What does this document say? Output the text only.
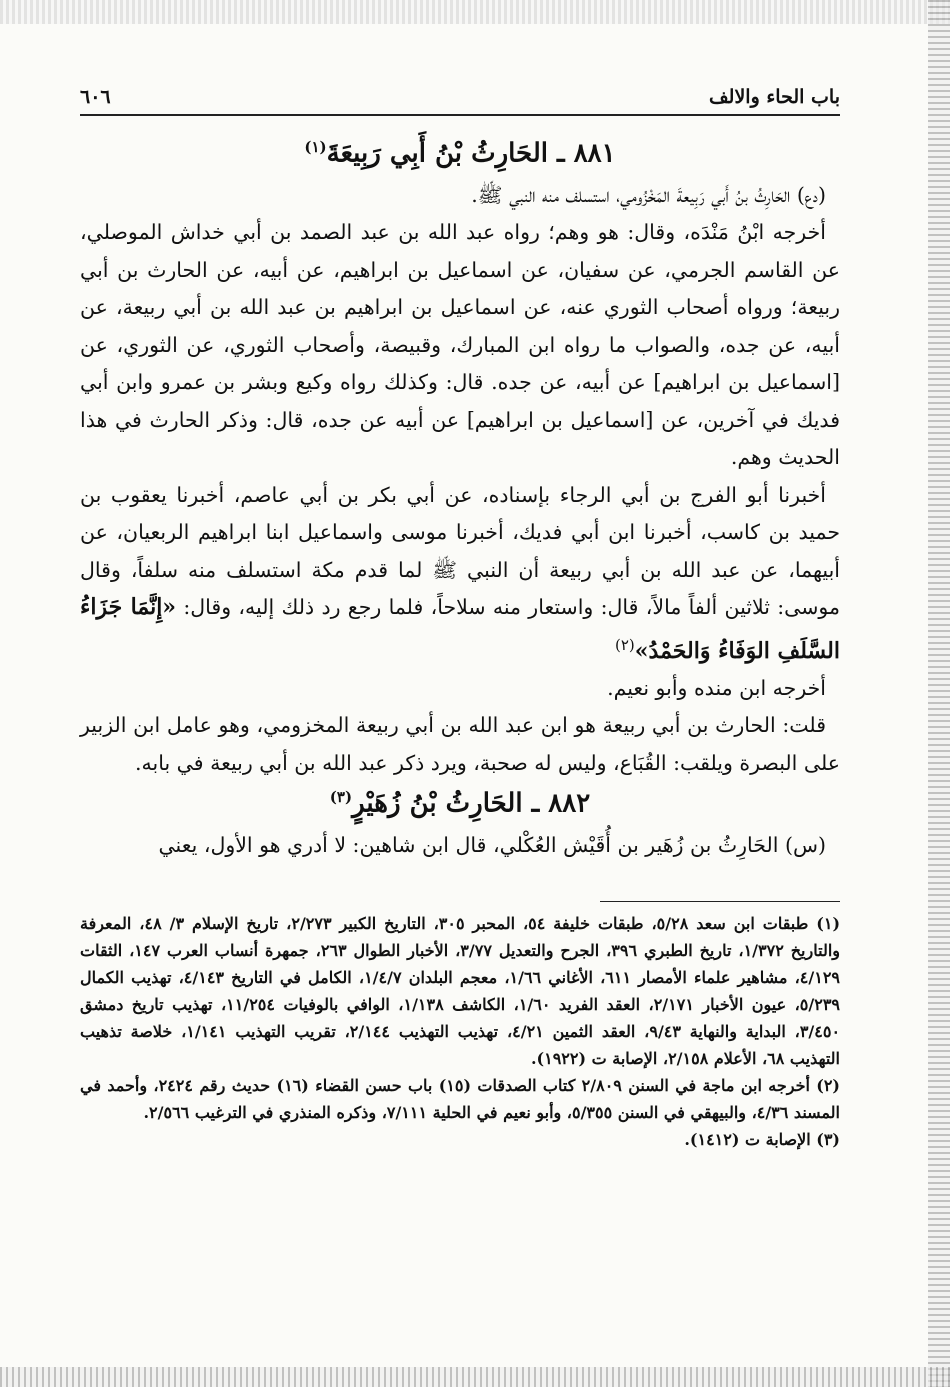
باب الحاء والالف
٦٠٦
٨٨١ ـ الحَارِثُ بْنُ أَبِي رَبِيعَةَ$^{(١)}$

(دع) الحَارِثُ بنُ أَبي رَبِيعةَ المَخْزُومي، استسلف منه النبي ﷺ.

أخرجه ابْنُ مَنْدَه، وقال: هو وهم؛ رواه عبد الله بن عبد الصمد بن أبي خداش الموصلي، عن القاسم الجرمي، عن سفيان، عن اسماعيل بن ابراهيم، عن أبيه، عن الحارث بن أبي ربيعة؛ ورواه أصحاب الثوري عنه، عن اسماعيل بن ابراهيم بن عبد الله بن أبي ربيعة، عن أبيه، عن جده، والصواب ما رواه ابن المبارك، وقبيصة، وأصحاب الثوري، عن الثوري، عن [اسماعيل بن ابراهيم] عن أبيه، عن جده. قال: وكذلك رواه وكيع وبشر بن عمرو وابن أبي فديك في آخرين، عن [اسماعيل بن ابراهيم] عن أبيه عن جده، قال: وذكر الحارث في هذا الحديث وهم.

أخبرنا أبو الفرج بن أبي الرجاء بإسناده، عن أبي بكر بن أبي عاصم، أخبرنا يعقوب بن حميد بن كاسب، أخبرنا ابن أبي فديك، أخبرنا موسى واسماعيل ابنا ابراهيم الربعيان، عن أبيهما، عن عبد الله بن أبي ربيعة أن النبي ﷺ لما قدم مكة استسلف منه سلفاً، وقال موسى: ثلاثين ألفاً مالاً، قال: واستعار منه سلاحاً، فلما رجع رد ذلك إليه، وقال: «إِنَّمَا جَزَاءُ السَّلَفِ الوَفَاءُ وَالحَمْدُ»$^{(٢)}$

أخرجه ابن منده وأبو نعيم.

قلت: الحارث بن أبي ربيعة هو ابن عبد الله بن أبي ربيعة المخزومي، وهو عامل ابن الزبير على البصرة ويلقب: القُبَاع، وليس له صحبة، ويرد ذكر عبد الله بن أبي ربيعة في بابه.

٨٨٢ ـ الحَارِثُ بْنُ زُهَيْرٍ$^{(٣)}$

(س) الحَارِثُ بن زُهَير بن أُقَيْش العُكْلي، قال ابن شاهين: لا أدري هو الأول، يعني

(١) طبقات ابن سعد ٥/٢٨، طبقات خليفة ٥٤، المحبر ٣٠٥، التاريخ الكبير ٢/٢٧٣، تاريخ الإسلام ٣/ ٤٨، المعرفة والتاريخ ١/٣٧٢، تاريخ الطبري ٣٩٦، الجرح والتعديل ٣/٧٧، الأخبار الطوال ٢٦٣، جمهرة أنساب العرب ١٤٧، الثقات ٤/١٢٩، مشاهير علماء الأمصار ٦١١، الأغاني ١/٦٦، معجم البلدان ١/٤/٧، الكامل في التاريخ ٤/١٤٣، تهذيب الكمال ٥/٢٣٩، عيون الأخبار ٢/١٧١، العقد الفريد ١/٦٠، الكاشف ١/١٣٨، الوافي بالوفيات ١١/٢٥٤، تهذيب تاريخ دمشق ٣/٤٥٠، البداية والنهاية ٩/٤٣، العقد الثمين ٤/٢١، تهذيب التهذيب ٢/١٤٤، تقريب التهذيب ١/١٤١، خلاصة تذهيب التهذيب ٦٨، الأعلام ٢/١٥٨، الإصابة ت (١٩٢٢).

(٢) أخرجه ابن ماجة في السنن ٢/٨٠٩ كتاب الصدقات (١٥) باب حسن القضاء (١٦) حديث رقم ٢٤٢٤، وأحمد في المسند ٤/٣٦، والبيهقي في السنن ٥/٣٥٥، وأبو نعيم في الحلية ٧/١١١، وذكره المنذري في الترغيب ٢/٥٦٦.

(٣) الإصابة ت (١٤١٢).
